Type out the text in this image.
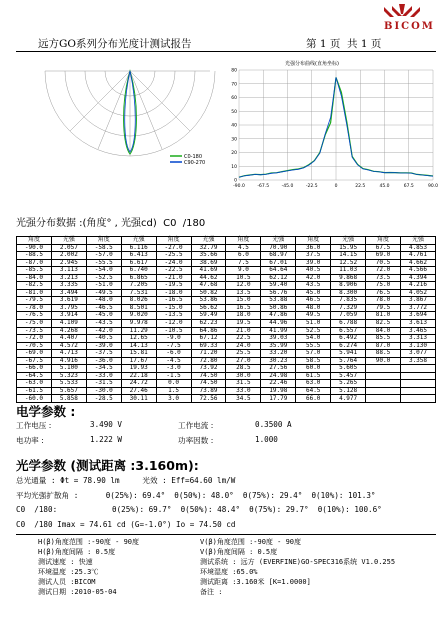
BICOM
远方GO系列分布光度计测试报告	第 1 页  共 1 页
C0-180
C90-270
光强分布曲线(直角坐标)
0
10
20
30
40
50
60
70
80
-90.0	-67.5	-45.0	-22.5	0	22.5	45.0	67.5	90.0
光强分布数据 :(角度° , 光强cd)  C0  /180
角度	光强	角度	光强	角度	光强	角度	光强	角度	光强	角度	光强
-90.0	2.057	-58.5	6.116	-27.0	32.79	4.5	70.90	36.0	15.95	67.5	4.853
-88.5	2.002	-57.0	6.413	-25.5	35.66	6.0	68.97	37.5	14.15	69.0	4.761
-87.0	2.945	-55.5	6.617	-24.0	38.69	7.5	67.01	39.0	12.52	70.5	4.662
-85.5	3.113	-54.0	6.740	-22.5	41.69	9.0	64.64	40.5	11.03	72.0	4.566
-84.0	3.213	-52.5	6.865	-21.0	44.62	10.5	62.12	42.0	9.868	73.5	4.394
-82.5	3.335	-51.0	7.205	-19.5	47.68	12.0	59.40	43.5	8.906	75.0	4.216
-81.0	3.494	-49.5	7.531	-18.0	50.82	13.5	56.76	45.0	8.300	76.5	4.052
-79.5	3.619	-48.0	8.026	-16.5	53.86	15.0	53.88	46.5	7.835	78.0	3.867
-78.0	3.795	-46.5	8.501	-15.0	56.62	16.5	50.86	48.0	7.329	79.5	3.772
-76.5	3.914	-45.0	9.020	-13.5	59.49	18.0	47.86	49.5	7.059	81.0	3.694
-75.0	4.109	-43.5	9.978	-12.0	62.23	19.5	44.96	51.0	6.788	82.5	3.613
-73.5	4.268	-42.0	11.29	-10.5	64.86	21.0	41.99	52.5	6.557	84.0	3.465
-72.0	4.407	-40.5	12.65	-9.0	67.12	22.5	39.03	54.0	6.492	85.5	3.313
-70.5	4.572	-39.0	14.13	-7.5	69.33	24.0	35.99	55.5	6.274	87.0	3.130
-69.0	4.713	-37.5	15.81	-6.0	71.20	25.5	33.20	57.0	5.941	88.5	3.077
-67.5	4.916	-36.0	17.67	-4.5	72.80	27.0	30.23	58.5	5.764	90.0	3.358
-66.0	5.100	-34.5	19.93	-3.0	73.92	28.5	27.56	60.0	5.605		
-64.5	5.323	-33.0	22.18	-1.5	74.50	30.0	24.98	61.5	5.457		
-63.0	5.533	-31.5	24.72	0.0	74.50	31.5	22.46	63.0	5.265		
-61.5	5.657	-30.0	27.46	1.5	73.89	33.0	19.98	64.5	5.128		
-60.0	5.858	-28.5	30.11	3.0	72.56	34.5	17.79	66.0	4.977		
电学参数 :
工作电压 :	3.490 V	工作电流 :	0.3500 A
电功率 :	1.222 W	功率因数 :	1.000
光学参数 (测试距离 :3.160m):
总光通量 : Φt = 78.90 lm     光效 : Eff=64.60 lm/W
平均光强扩散角 :      θ(25%): 69.4°  θ(50%): 48.0°  θ(75%): 29.4°  θ(10%): 101.3°
C0  /180:            θ(25%): 69.7°  θ(50%): 48.4°  θ(75%): 29.7°  θ(10%): 100.6°
C0  /180 Imax = 74.61 cd (G=-1.0°) Io = 74.50 cd
H(β)角度范围 :-90度 - 90度
H(β)角度间隔 : 0.5度
测试速度 : 快速
环境温度 :25.3℃
测试人员 :BICOM
测试日期 :2010-05-04
V(β)角度范围 :-90度 - 90度
V(β)角度间隔 : 0.5度
测试系统 : 远方 (EVERFINE)GO-SPEC316系统 V1.0.255
环境湿度 :65.0%
测试距离 :3.160米 [K=1.0000]
备注 :
